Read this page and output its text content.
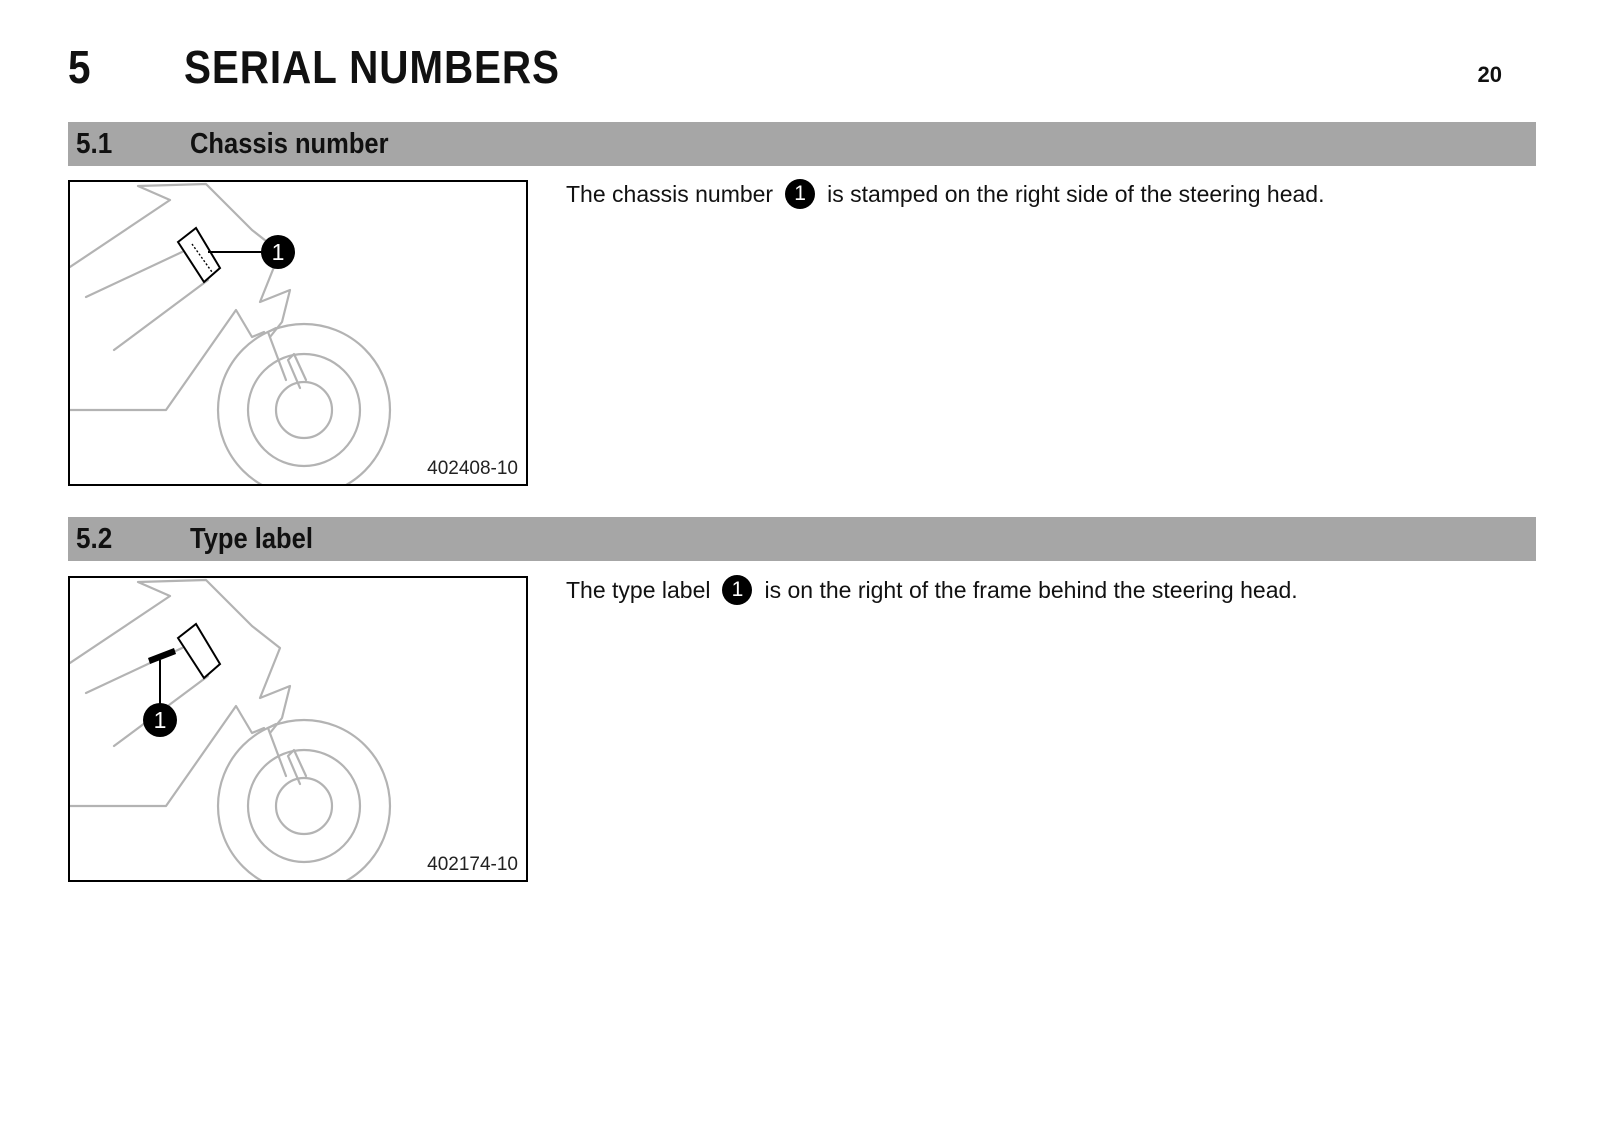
5 SERIAL NUMBERS	20
5.1	Chassis number
1
402408-10
The chassis number	1 is stamped on the right side of the steering head.
5.2	Type label
1
402174-10
The type label	1 is on the right of the frame behind the steering head.
